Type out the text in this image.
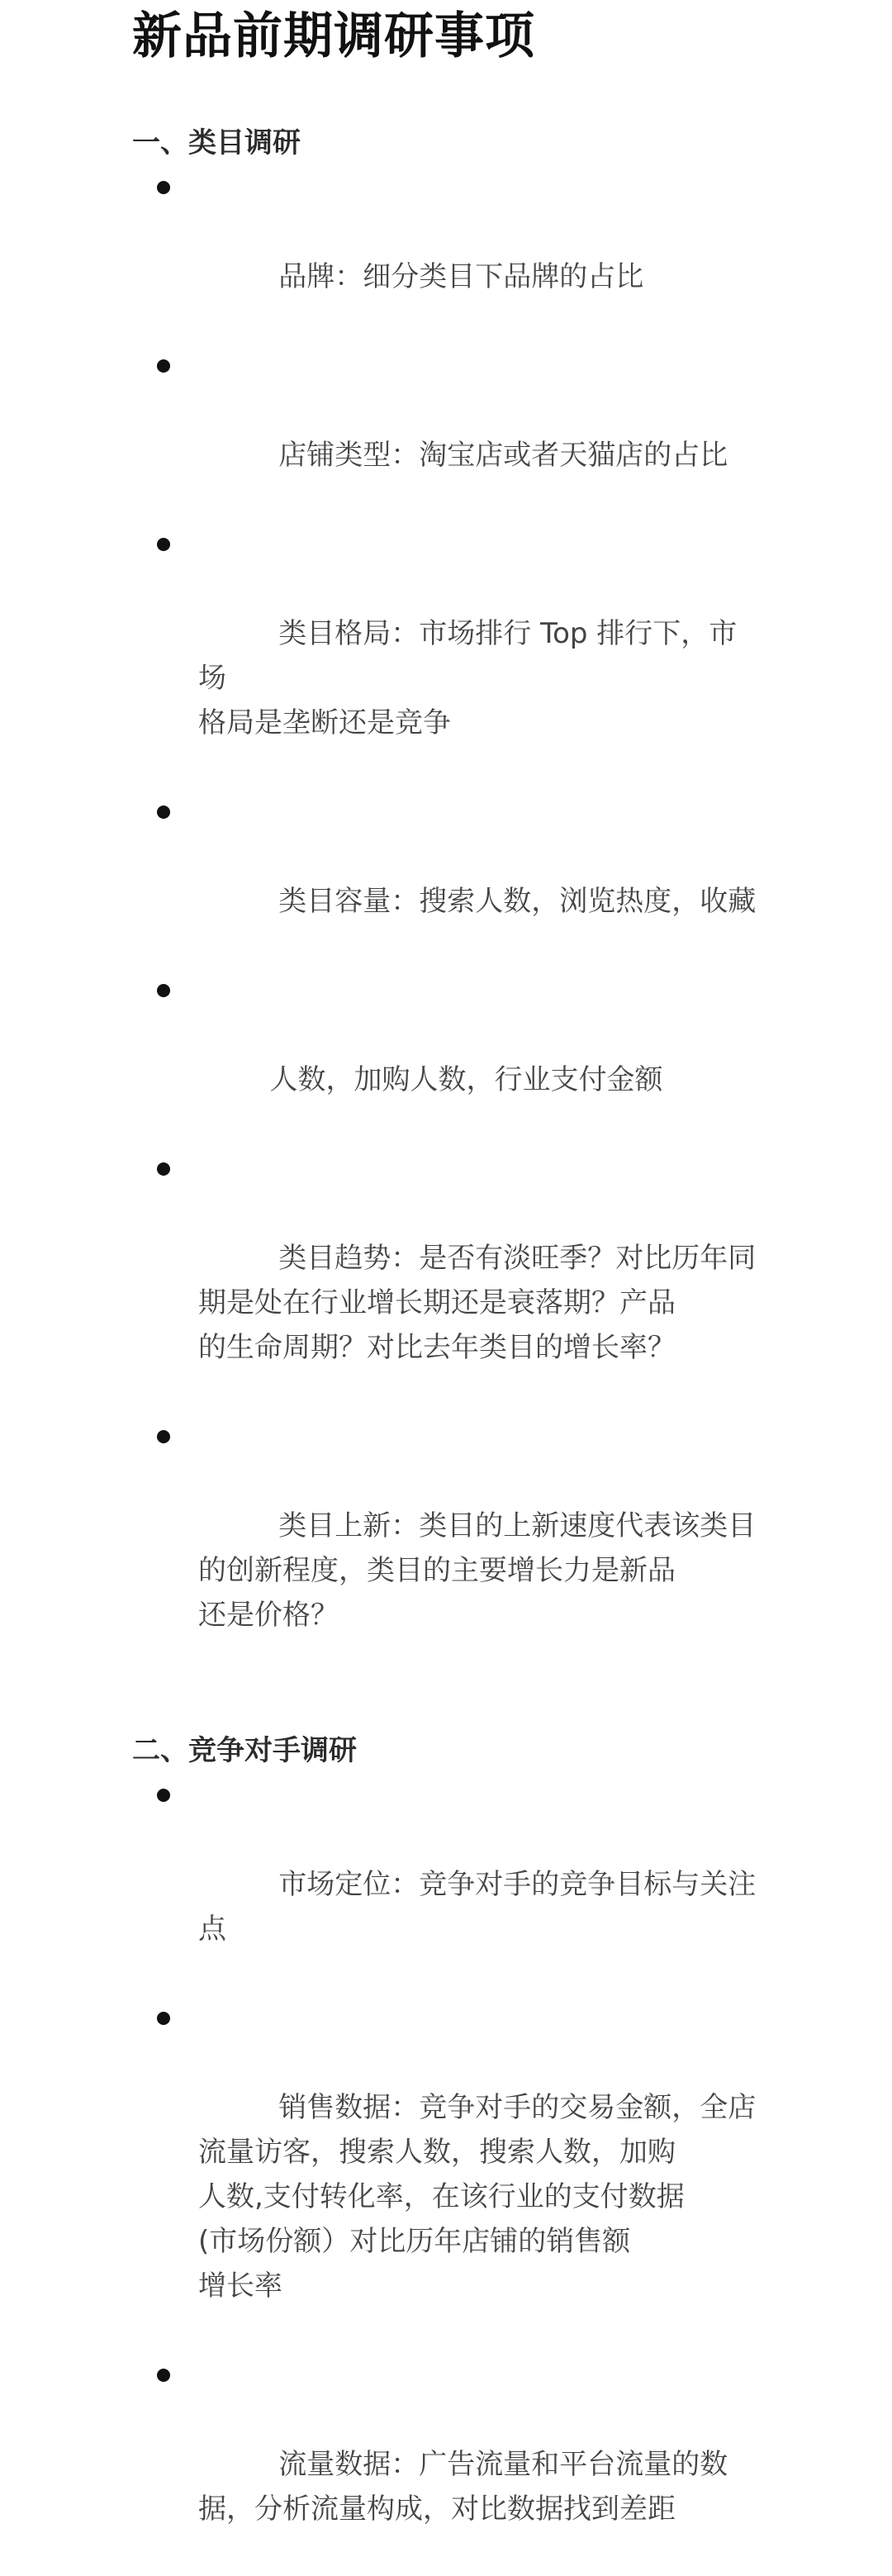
新品前期调研事项
一、类目调研

品牌：细分类目下品牌的占比

店铺类型：淘宝店或者天猫店的占比

类目格局：市场排行 Top 排行下，市场
格局是垄断还是竞争

类目容量：搜索人数，浏览热度，收藏

人数，加购人数，行业支付金额

类目趋势：是否有淡旺季？对比历年同
期是处在行业增长期还是衰落期？产品
的生命周期？对比去年类目的增长率？

类目上新：类目的上新速度代表该类目
的创新程度，类目的主要增长力是新品
还是价格？

二、竞争对手调研

市场定位：竞争对手的竞争目标与关注
点

销售数据：竞争对手的交易金额，全店
流量访客，搜索人数，搜索人数，加购
人数,支付转化率，在该行业的支付数据
(市场份额）对比历年店铺的销售额
增长率

流量数据：广告流量和平台流量的数
据，分析流量构成，对比数据找到差距
